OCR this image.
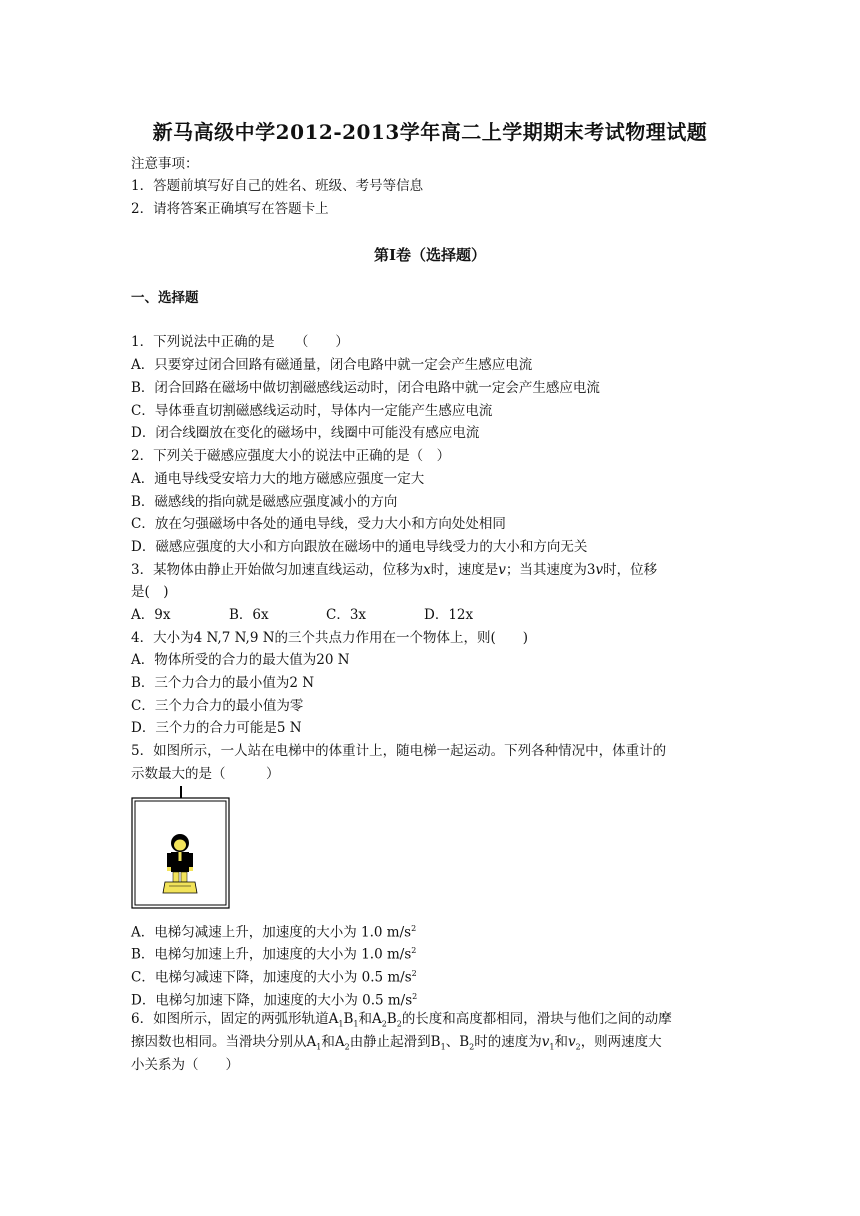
新马高级中学2012-2013学年高二上学期期末考试物理试题
注意事项：
1．答题前填写好自己的姓名、班级、考号等信息
2．请将答案正确填写在答题卡上
第Ⅰ卷（选择题）
一、选择题
1．下列说法中正确的是　　（　　）
A．只要穿过闭合回路有磁通量，闭合电路中就一定会产生感应电流
B．闭合回路在磁场中做切割磁感线运动时，闭合电路中就一定会产生感应电流
C．导体垂直切割磁感线运动时，导体内一定能产生感应电流
D．闭合线圈放在变化的磁场中，线圈中可能没有感应电流
2．下列关于磁感应强度大小的说法中正确的是（　）
A．通电导线受安培力大的地方磁感应强度一定大
B．磁感线的指向就是磁感应强度减小的方向
C．放在匀强磁场中各处的通电导线，受力大小和方向处处相同
D．磁感应强度的大小和方向跟放在磁场中的通电导线受力的大小和方向无关
3．某物体由静止开始做匀加速直线运动，位移为x时，速度是v；当其速度为3v时，位移
是(　)
A．9x	B．6x	C．3x	D．12x
4．大小为4 N,7 N,9 N的三个共点力作用在一个物体上，则(　　)
A．物体所受的合力的最大值为20 N
B．三个力合力的最小值为2 N
C．三个力合力的最小值为零
D．三个力的合力可能是5 N
5．如图所示，一人站在电梯中的体重计上，随电梯一起运动。下列各种情况中，体重计的
示数最大的是（　　　）
A．电梯匀减速上升，加速度的大小为 1.0 $m/s^2$
B．电梯匀加速上升，加速度的大小为 1.0 $m/s^2$
C．电梯匀减速下降，加速度的大小为 0.5 $m/s^2$
D．电梯匀加速下降，加速度的大小为 0.5 $m/s^2$
6．如图所示，固定的两弧形轨道$A_1B_1$和$A_2B_2$的长度和高度都相同，滑块与他们之间的动摩
擦因数也相同。当滑块分别从$A_1$和$A_2$由静止起滑到$B_1$、$B_2$时的速度为$v_1$和$v_2$，则两速度大
小关系为（　　）
